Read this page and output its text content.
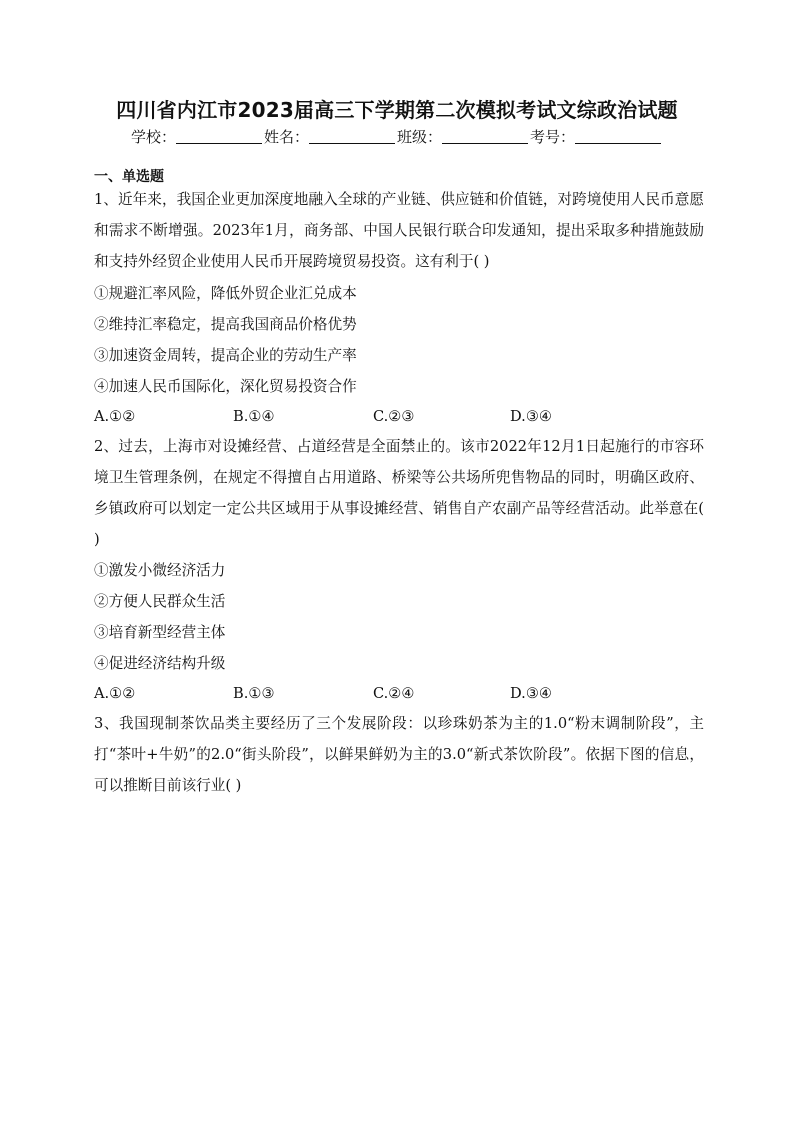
四川省内江市2023届高三下学期第二次模拟考试文综政治试题
学校：	姓名：	班级：	考号：
一、单选题
1、近年来，我国企业更加深度地融入全球的产业链、供应链和价值链，对跨境使用人民币意愿和需求不断增强。2023年1月，商务部、中国人民银行联合印发通知，提出采取多种措施鼓励和支持外经贸企业使用人民币开展跨境贸易投资。这有利于( )
①规避汇率风险，降低外贸企业汇兑成本
②维持汇率稳定，提高我国商品价格优势
③加速资金周转，提高企业的劳动生产率
④加速人民币国际化，深化贸易投资合作
A.①②	B.①④	C.②③	D.③④
2、过去，上海市对设摊经营、占道经营是全面禁止的。该市2022年12月1日起施行的市容环境卫生管理条例，在规定不得擅自占用道路、桥梁等公共场所兜售物品的同时，明确区政府、乡镇政府可以划定一定公共区域用于从事设摊经营、销售自产农副产品等经营活动。此举意在( )
①激发小微经济活力
②方便人民群众生活
③培育新型经营主体
④促进经济结构升级
A.①②	B.①③	C.②④	D.③④
3、我国现制茶饮品类主要经历了三个发展阶段：以珍珠奶茶为主的1.0“粉末调制阶段”，主打“茶叶+牛奶”的2.0“街头阶段”，以鲜果鲜奶为主的3.0“新式茶饮阶段”。依据下图的信息，可以推断目前该行业( )
